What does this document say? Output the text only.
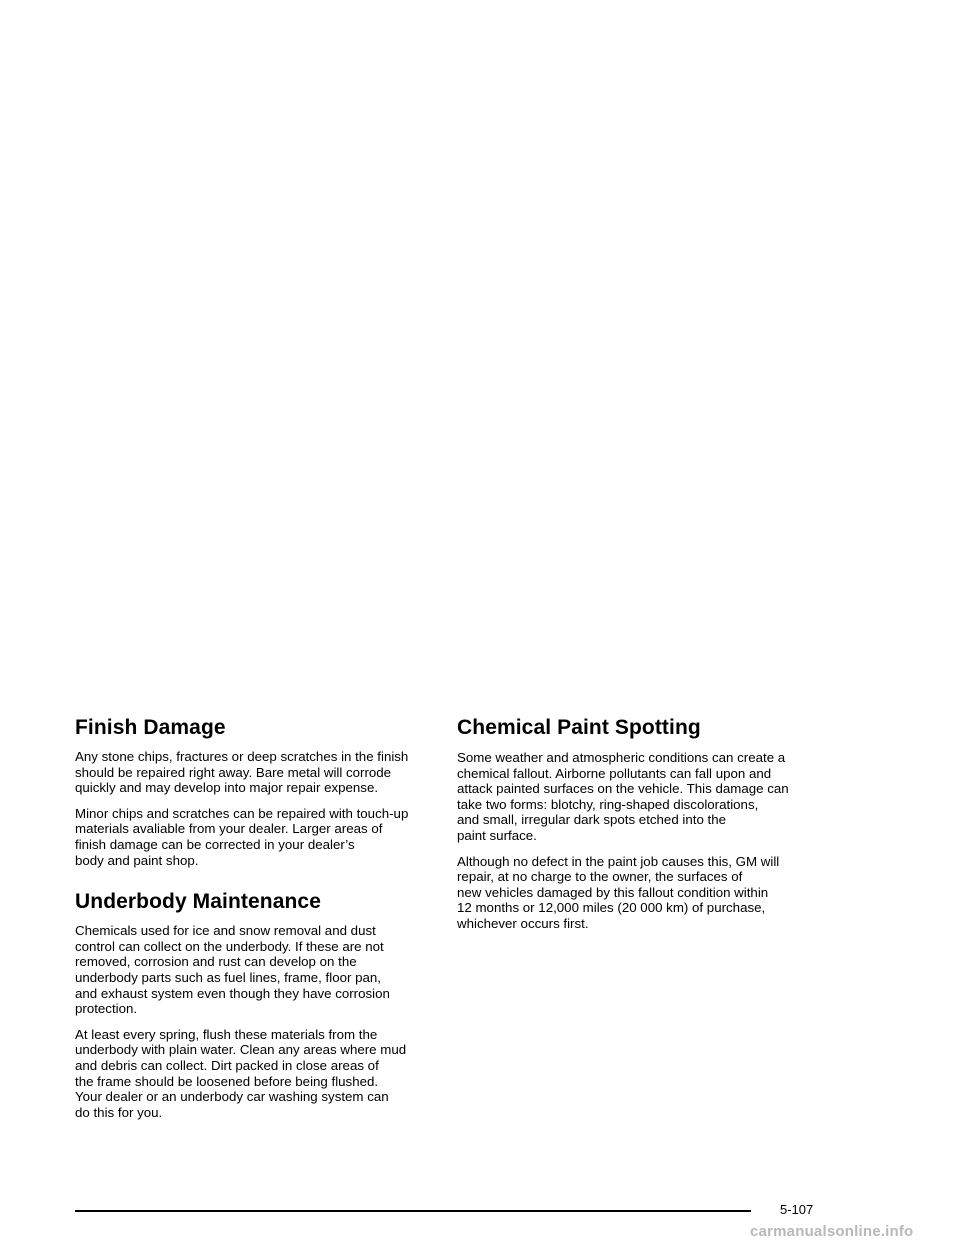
Finish Damage
Any stone chips, fractures or deep scratches in the finish
should be repaired right away. Bare metal will corrode
quickly and may develop into major repair expense.
Minor chips and scratches can be repaired with touch-up
materials avaliable from your dealer. Larger areas of
finish damage can be corrected in your dealer’s
body and paint shop.
Underbody Maintenance
Chemicals used for ice and snow removal and dust
control can collect on the underbody. If these are not
removed, corrosion and rust can develop on the
underbody parts such as fuel lines, frame, floor pan,
and exhaust system even though they have corrosion
protection.
At least every spring, flush these materials from the
underbody with plain water. Clean any areas where mud
and debris can collect. Dirt packed in close areas of
the frame should be loosened before being flushed.
Your dealer or an underbody car washing system can
do this for you.
Chemical Paint Spotting
Some weather and atmospheric conditions can create a
chemical fallout. Airborne pollutants can fall upon and
attack painted surfaces on the vehicle. This damage can
take two forms: blotchy, ring-shaped discolorations,
and small, irregular dark spots etched into the
paint surface.
Although no defect in the paint job causes this, GM will
repair, at no charge to the owner, the surfaces of
new vehicles damaged by this fallout condition within
12 months or 12,000 miles (20 000 km) of purchase,
whichever occurs first.
5-107
carmanualsonline.info
